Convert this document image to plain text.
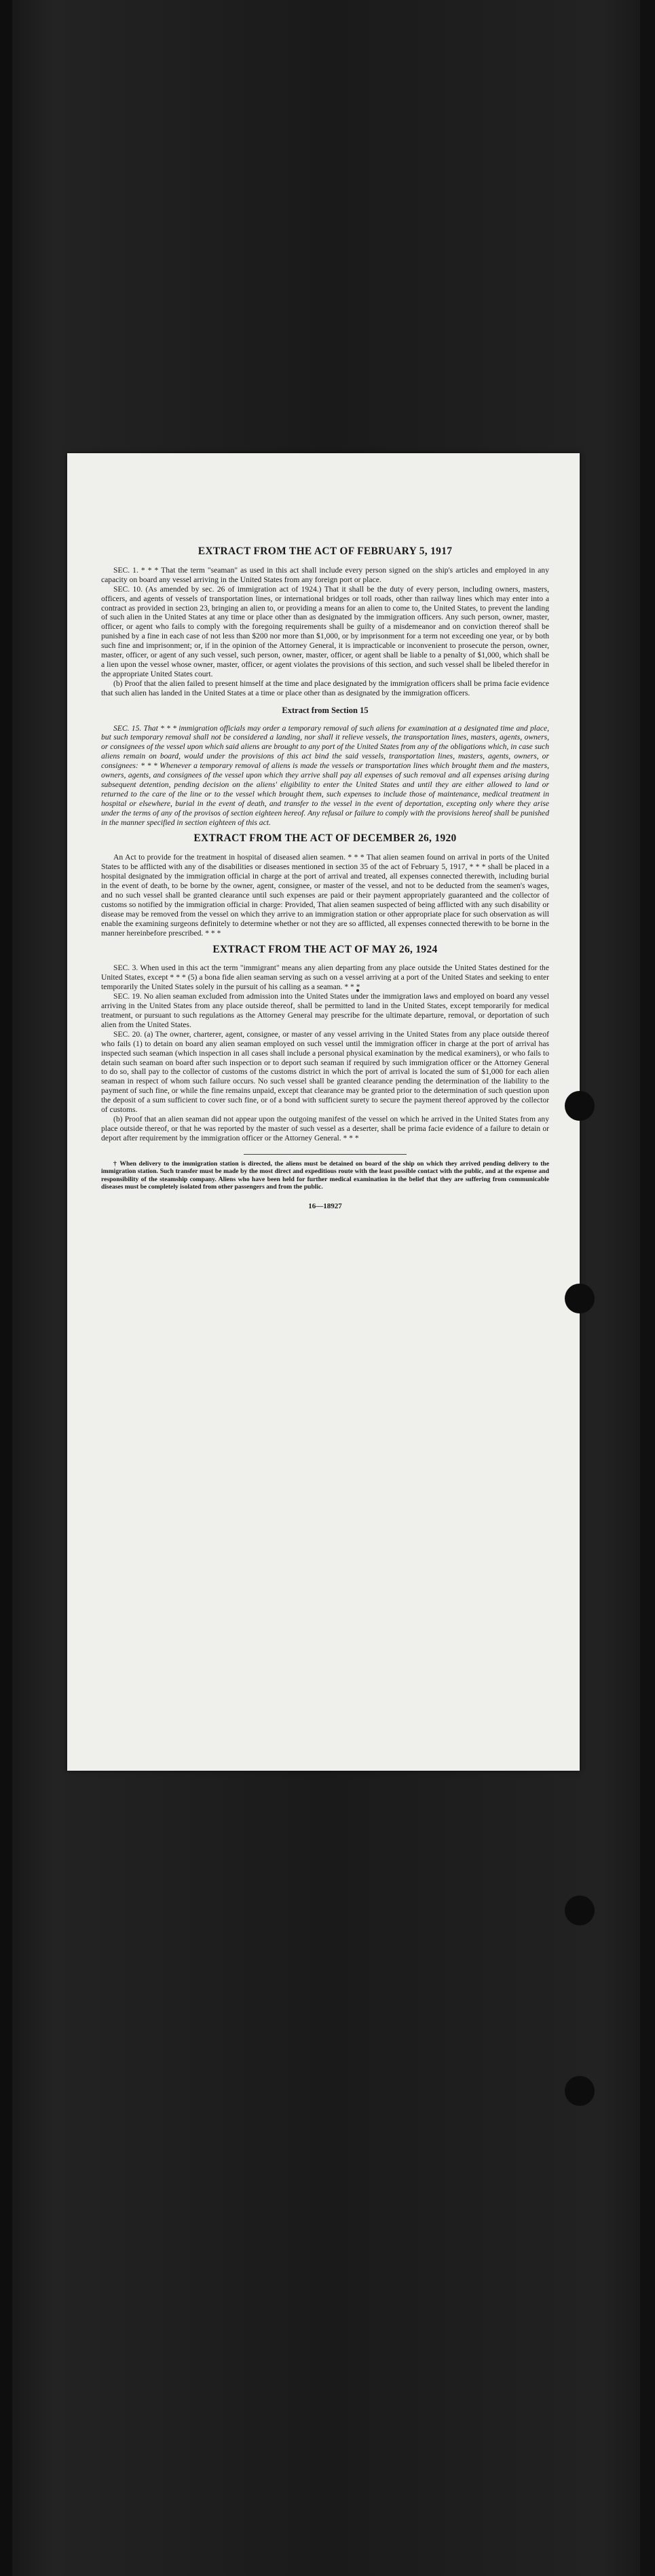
EXTRACT FROM THE ACT OF FEBRUARY 5, 1917

SEC. 1. * * * That the term "seaman" as used in this act shall include every person signed on the ship's articles and employed in any capacity on board any vessel arriving in the United States from any foreign port or place.

SEC. 10. (As amended by sec. 26 of immigration act of 1924.) That it shall be the duty of every person, including owners, masters, officers, and agents of vessels of transportation lines, or international bridges or toll roads, other than railway lines which may enter into a contract as provided in section 23, bringing an alien to, or providing a means for an alien to come to, the United States, to prevent the landing of such alien in the United States at any time or place other than as designated by the immigration officers. Any such person, owner, master, officer, or agent who fails to comply with the foregoing requirements shall be guilty of a misdemeanor and on conviction thereof shall be punished by a fine in each case of not less than $200 nor more than $1,000, or by imprisonment for a term not exceeding one year, or by both such fine and imprisonment; or, if in the opinion of the Attorney General, it is impracticable or inconvenient to prosecute the person, owner, master, officer, or agent of any such vessel, such person, owner, master, officer, or agent shall be liable to a penalty of $1,000, which shall be a lien upon the vessel whose owner, master, officer, or agent violates the provisions of this section, and such vessel shall be libeled therefor in the appropriate United States court.

(b) Proof that the alien failed to present himself at the time and place designated by the immigration officers shall be prima facie evidence that such alien has landed in the United States at a time or place other than as designated by the immigration officers.

Extract from Section 15

SEC. 15. That * * * immigration officials may order a temporary removal of such aliens for examination at a designated time and place, but such temporary removal shall not be considered a landing, nor shall it relieve vessels, the transportation lines, masters, agents, owners, or consignees of the vessel upon which said aliens are brought to any port of the United States from any of the obligations which, in case such aliens remain on board, would under the provisions of this act bind the said vessels, transportation lines, masters, agents, owners, or consignees: * * * Whenever a temporary removal of aliens is made the vessels or transportation lines which brought them and the masters, owners, agents, and consignees of the vessel upon which they arrive shall pay all expenses of such removal and all expenses arising during subsequent detention, pending decision on the aliens' eligibility to enter the United States and until they are either allowed to land or returned to the care of the line or to the vessel which brought them, such expenses to include those of maintenance, medical treatment in hospital or elsewhere, burial in the event of death, and transfer to the vessel in the event of deportation, excepting only where they arise under the terms of any of the provisos of section eighteen hereof. Any refusal or failure to comply with the provisions hereof shall be punished in the manner specified in section eighteen of this act.

EXTRACT FROM THE ACT OF DECEMBER 26, 1920

An Act to provide for the treatment in hospital of diseased alien seamen. * * * That alien seamen found on arrival in ports of the United States to be afflicted with any of the disabilities or diseases mentioned in section 35 of the act of February 5, 1917, * * * shall be placed in a hospital designated by the immigration official in charge at the port of arrival and treated, all expenses connected therewith, including burial in the event of death, to be borne by the owner, agent, consignee, or master of the vessel, and not to be deducted from the seamen's wages, and no such vessel shall be granted clearance until such expenses are paid or their payment appropriately guaranteed and the collector of customs so notified by the immigration official in charge: Provided, That alien seamen suspected of being afflicted with any such disability or disease may be removed from the vessel on which they arrive to an immigration station or other appropriate place for such observation as will enable the examining surgeons definitely to determine whether or not they are so afflicted, all expenses connected therewith to be borne in the manner hereinbefore prescribed. * * *

EXTRACT FROM THE ACT OF MAY 26, 1924

SEC. 3. When used in this act the term "immigrant" means any alien departing from any place outside the United States destined for the United States, except * * * (5) a bona fide alien seaman serving as such on a vessel arriving at a port of the United States and seeking to enter temporarily the United States solely in the pursuit of his calling as a seaman. * * *

SEC. 19. No alien seaman excluded from admission into the United States under the immigration laws and employed on board any vessel arriving in the United States from any place outside thereof, shall be permitted to land in the United States, except temporarily for medical treatment, or pursuant to such regulations as the Attorney General may prescribe for the ultimate departure, removal, or deportation of such alien from the United States.

SEC. 20. (a) The owner, charterer, agent, consignee, or master of any vessel arriving in the United States from any place outside thereof who fails (1) to detain on board any alien seaman employed on such vessel until the immigration officer in charge at the port of arrival has inspected such seaman (which inspection in all cases shall include a personal physical examination by the medical examiners), or who fails to detain such seaman on board after such inspection or to deport such seaman if required by such immigration officer or the Attorney General to do so, shall pay to the collector of customs of the customs district in which the port of arrival is located the sum of $1,000 for each alien seaman in respect of whom such failure occurs. No such vessel shall be granted clearance pending the determination of the liability to the payment of such fine, or while the fine remains unpaid, except that clearance may be granted prior to the determination of such question upon the deposit of a sum sufficient to cover such fine, or of a bond with sufficient surety to secure the payment thereof approved by the collector of customs.

(b) Proof that an alien seaman did not appear upon the outgoing manifest of the vessel on which he arrived in the United States from any place outside thereof, or that he was reported by the master of such vessel as a deserter, shall be prima facie evidence of a failure to detain or deport after requirement by the immigration officer or the Attorney General. * * *

† When delivery to the immigration station is directed, the aliens must be detained on board of the ship on which they arrived pending delivery to the immigration station. Such transfer must be made by the most direct and expeditious route with the least possible contact with the public, and at the expense and responsibility of the steamship company. Aliens who have been held for further medical examination in the belief that they are suffering from communicable diseases must be completely isolated from other passengers and from the public.

16—18927
